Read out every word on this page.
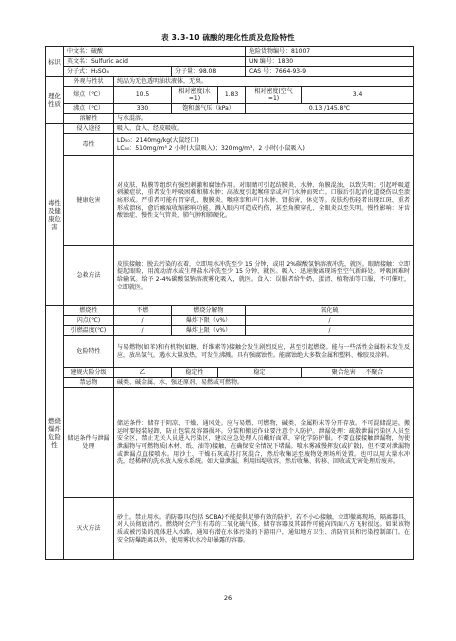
表 3.3-10 硫酸的理化性质及危险特性
标识	中文名：硫酸				危险货物编号：81007	
	英文名：Sulfuric acid				UN 编号：1830	
	分子式：H₂SO₄		分子量：98.08		CAS 号：7664-93-9	
理化性质	外观与性状	纯品为无色透明油状液体，无臭。				
	熔点（℃）	10.5	相对密度(水=1)	1.83	相对密度(空气=1)	3.4
	沸点（℃）	330	饱和蒸气压（kPa）		0.13 /145.8℃	
	溶解性	与水混溶。				
毒性及健康危害	侵入途径	吸入、食入、经皮吸收。				
	毒性	LD₅₀：2140mg/kg(大鼠经口)
LC₅₀：510mg/m³ 2 小时(大鼠吸入)；320mg/m³，2 小时(小鼠吸入)				

	健康危害	对皮肤、粘膜等组织有强烈刺激和腐蚀作用。对眼睛可引起结膜炎、水肿、角膜混浊，以致失明；引起呼吸道刺激症状，重者发生呼吸困难和肺水肿；高浓度引起喉痉挛或声门水肿而死亡。口服后引起消化道烧伤以至溃疡形成。严重者可能有胃穿孔、腹膜炎、喉痉挛和声门水肿、肾损害、休克等。皮肤灼伤轻者出现红斑、重者形成溃疡，愈后瘢痕收缩影响功能。溅入眼内可造成灼伤，甚至角膜穿孔、全眼炎以至失明。慢性影响：牙齿酸蚀症、慢性支气管炎、肺气肿和肺硬化。				
	急救方法	皮肤接触：脱去污染的衣着，立即用水冲洗至少 15 分钟，或用 2%碳酸氢钠溶液冲洗，就医。眼睛接触：立即提起眼睑，用流动清水或生理盐水冲洗至少 15 分钟，就医。吸入：迅速脱离现场至空气新鲜处。呼吸困难时给输氧。给予 2-4%碳酸氢钠溶液雾化吸入，就医。食入：误服者给牛奶、蛋清、植物油等口服，不可催吐，立即就医。				
燃烧爆炸危险性	燃烧性	不燃	燃烧分解物		氧化硫	
	闪点(℃)	/	爆炸下限（v%）		/	
	引燃温度(℃)	/	爆炸上限（v%）		/	
	危险特性	与易燃物(如苯)和有机物(如糖、纤维素等)接触会发生剧烈反应，甚至引起燃烧。能与一些活性金属粉末发生反应，放出氢气。遇水大量放热，可发生沸溅。具有强腐蚀性。能腐蚀绝大多数金属和塑料、橡胶及涂料。				
	建规火险分级	乙	稳定性	稳定		聚合危害 不聚合
	禁忌物	碱类、碱金属、水、强还原剂、易燃或可燃物。				
	储运条件与泄漏处理	储运条件：储存于阴凉、干燥、通风处。应与易燃、可燃物，碱类、金属粉末等分开存放。不可混储混运。搬运时要轻装轻卸，防止包装及容器损坏。分装和搬运作业要注意个人防护。泄漏处理：疏散泄漏污染区人员至安全区，禁止无关人员进入污染区，建议应急处理人员戴好面罩，穿化学防护服。不要直接接触泄漏物，勿使泄漏物与可燃物质(木材、纸、油等)接触，在确保安全情况下堵漏。喷水雾减慢挥发(或扩散)，但不要对泄漏物或泄漏点直接喷水。用沙土、干燥石灰或苏打灰混合，然后收集运至废物处理场所处置。也可以用大量水冲洗，经稀释的洗水放入废水系统。如大量泄漏，利用围堤收容，然后收集、转移、回收或无害处理后废弃。				
	灭火方法	砂土。禁止用水。消防器具(包括 SCBA)不能提供足够有效的防护。若不小心接触，立即撤离现场，隔离器具，对人员彻底清污。燃烧时会产生有毒的二氧化硫气体。储存容器及其部件可能向四面八方飞射很远。如果该物质或被污染的流体进入水路，通知有潜在水体污染的下游用户，通知地方卫生、消防官员和污染控制部门。在安全防爆距离以外，使用雾状水冷却暴露的容器。				
26
